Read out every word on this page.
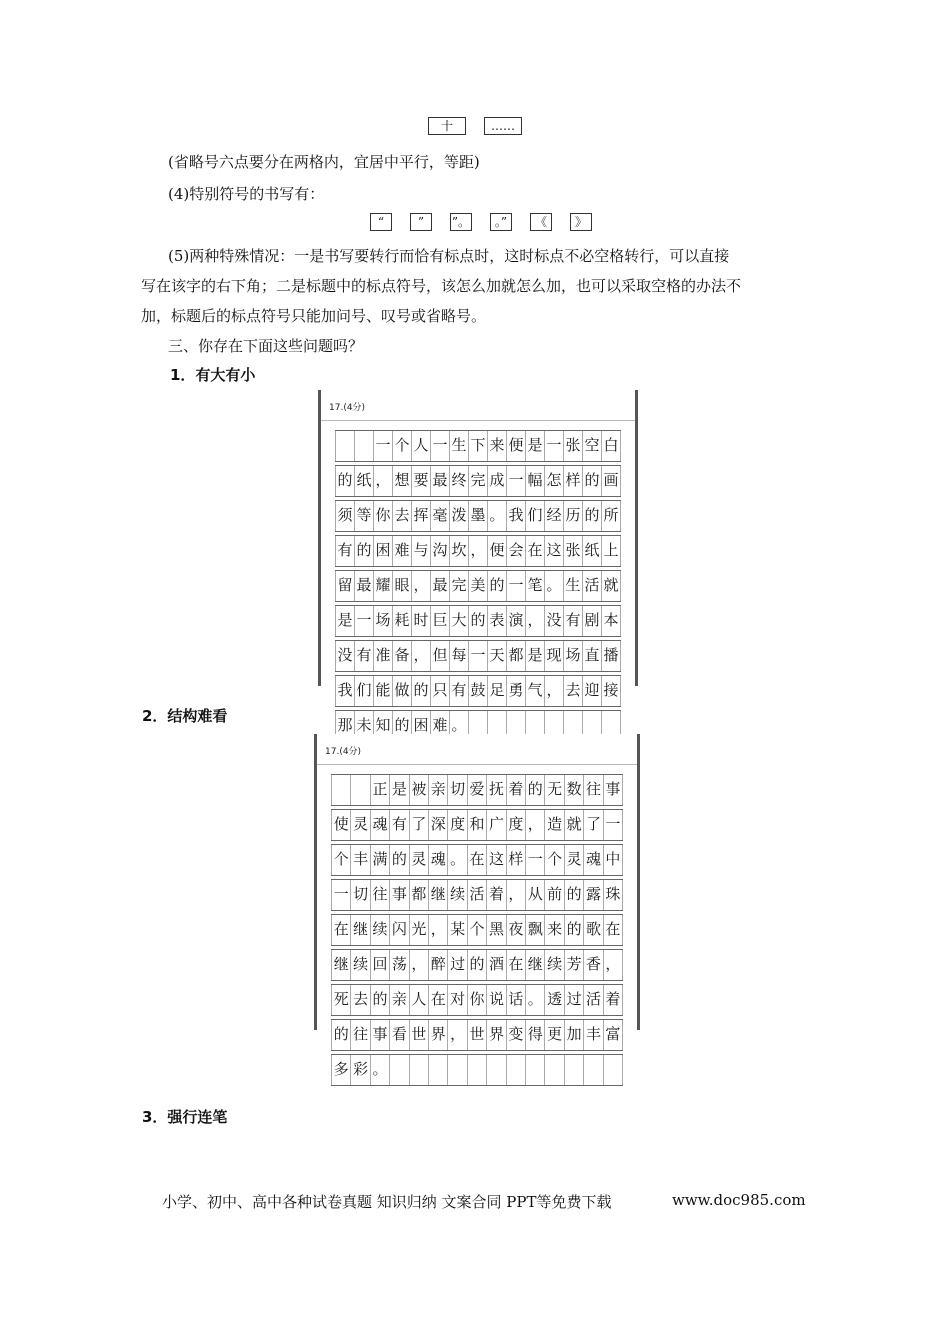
十	……
(省略号六点要分在两格内，宜居中平行，等距)
(4)特别符号的书写有：
“	”	”。	。”	《	》
(5)两种特殊情况：一是书写要转行而恰有标点时，这时标点不必空格转行，可以直接
写在该字的右下角；二是标题中的标点符号，该怎么加就怎么加，也可以采取空格的办法不
加，标题后的标点符号只能加问号、叹号或省略号。
三、你存在下面这些问题吗？
1．有大有小
17.(4分)
一 个 人 一 生 下 来 便 是 一 张 空 白
的 纸 ， 想 要 最 终 完 成 一 幅 怎 样 的 画
须 等 你 去 挥 毫 泼 墨 。 我 们 经 历 的 所
有 的 困 难 与 沟 坎 ， 便 会 在 这 张 纸 上
留 最 耀 眼 ， 最 完 美 的 一 笔 。 生 活 就
是 一 场 耗 时 巨 大 的 表 演 ， 没 有 剧 本
没 有 准 备 ， 但 每 一 天 都 是 现 场 直 播
我 们 能 做 的 只 有 鼓 足 勇 气 ， 去 迎 接
那 未 知 的 困 难 。
2．结构难看
17.(4分)
正 是 被 亲 切 爱 抚 着 的 无 数 往 事
使 灵 魂 有 了 深 度 和 广 度 ， 造 就 了 一
个 丰 满 的 灵 魂 。 在 这 样 一 个 灵 魂 中
一 切 往 事 都 继 续 活 着 ， 从 前 的 露 珠
在 继 续 闪 光 ， 某 个 黑 夜 飘 来 的 歌 在
继 续 回 荡 ， 醉 过 的 酒 在 继 续 芳 香 ，
死 去 的 亲 人 在 对 你 说 话 。 透 过 活 着
的 往 事 看 世 界 ， 世 界 变 得 更 加 丰 富
多 彩 。
3．强行连笔
小学、初中、高中各种试卷真题 知识归纳 文案合同 PPT等免费下载	www.doc985.com
